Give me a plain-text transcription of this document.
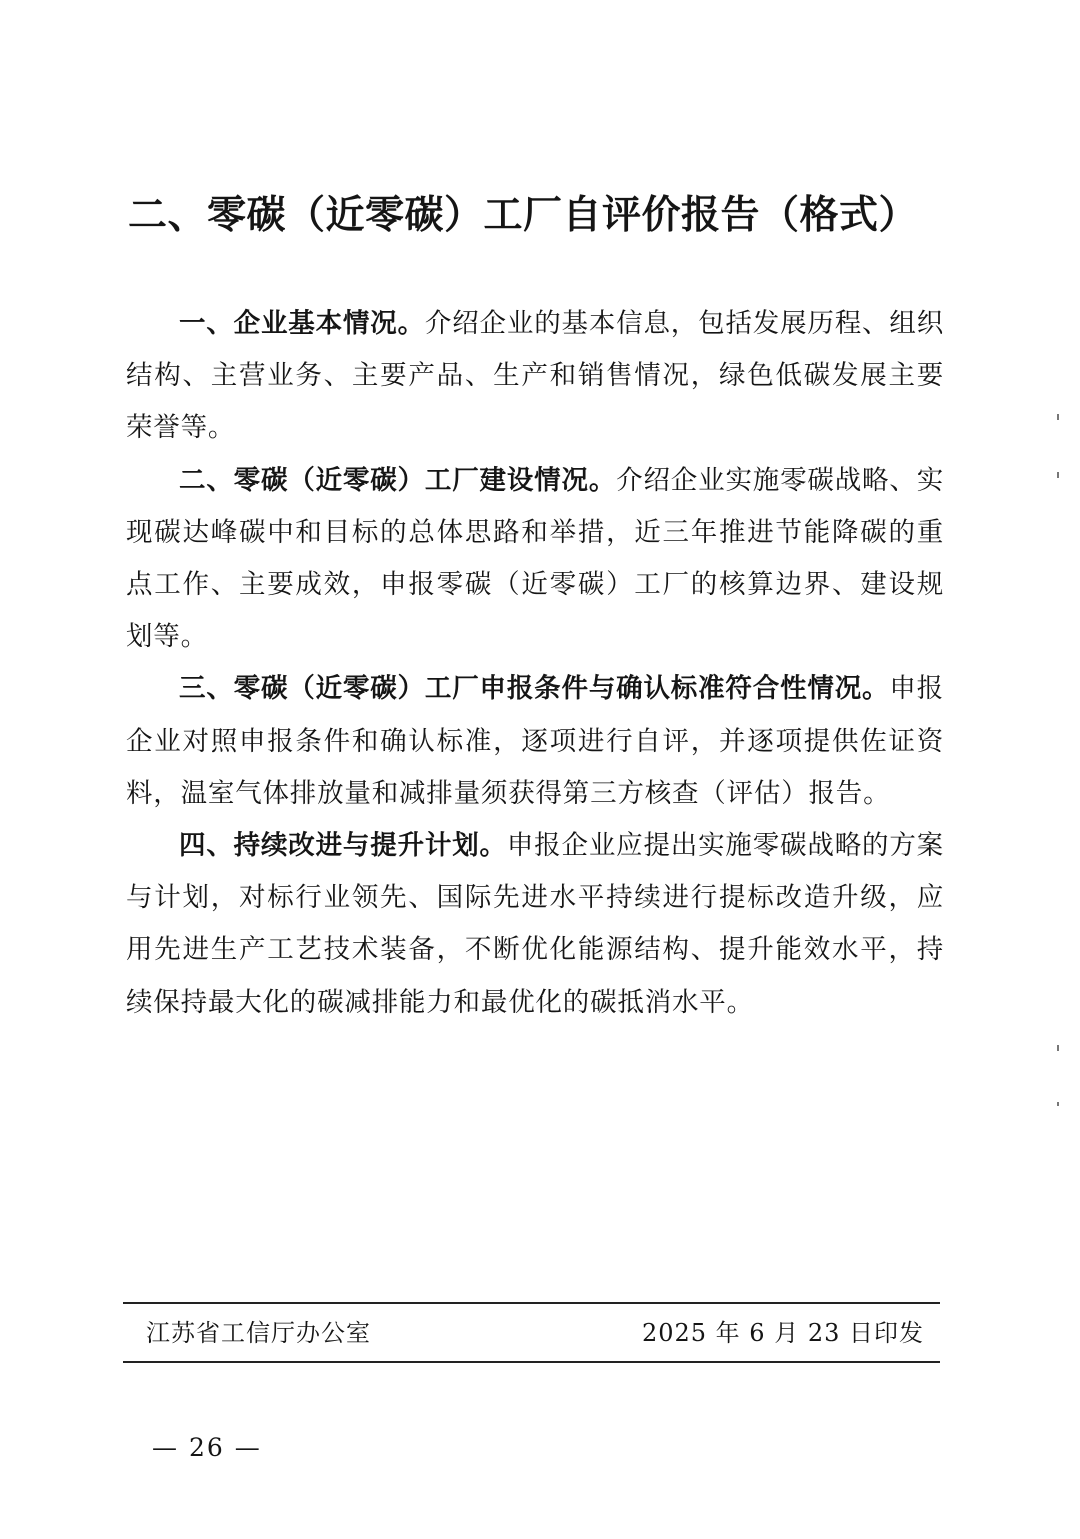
二、零碳（近零碳）工厂自评价报告（格式）

一、企业基本情况。介绍企业的基本信息，包括发展历程、组织结构、主营业务、主要产品、生产和销售情况，绿色低碳发展主要荣誉等。

二、零碳（近零碳）工厂建设情况。介绍企业实施零碳战略、实现碳达峰碳中和目标的总体思路和举措，近三年推进节能降碳的重点工作、主要成效，申报零碳（近零碳）工厂的核算边界、建设规划等。

三、零碳（近零碳）工厂申报条件与确认标准符合性情况。申报企业对照申报条件和确认标准，逐项进行自评，并逐项提供佐证资料，温室气体排放量和减排量须获得第三方核查（评估）报告。

四、持续改进与提升计划。申报企业应提出实施零碳战略的方案与计划，对标行业领先、国际先进水平持续进行提标改造升级，应用先进生产工艺技术装备，不断优化能源结构、提升能效水平，持续保持最大化的碳减排能力和最优化的碳抵消水平。

江苏省工信厅办公室	2025 年 6 月 23 日印发
— 26 —
